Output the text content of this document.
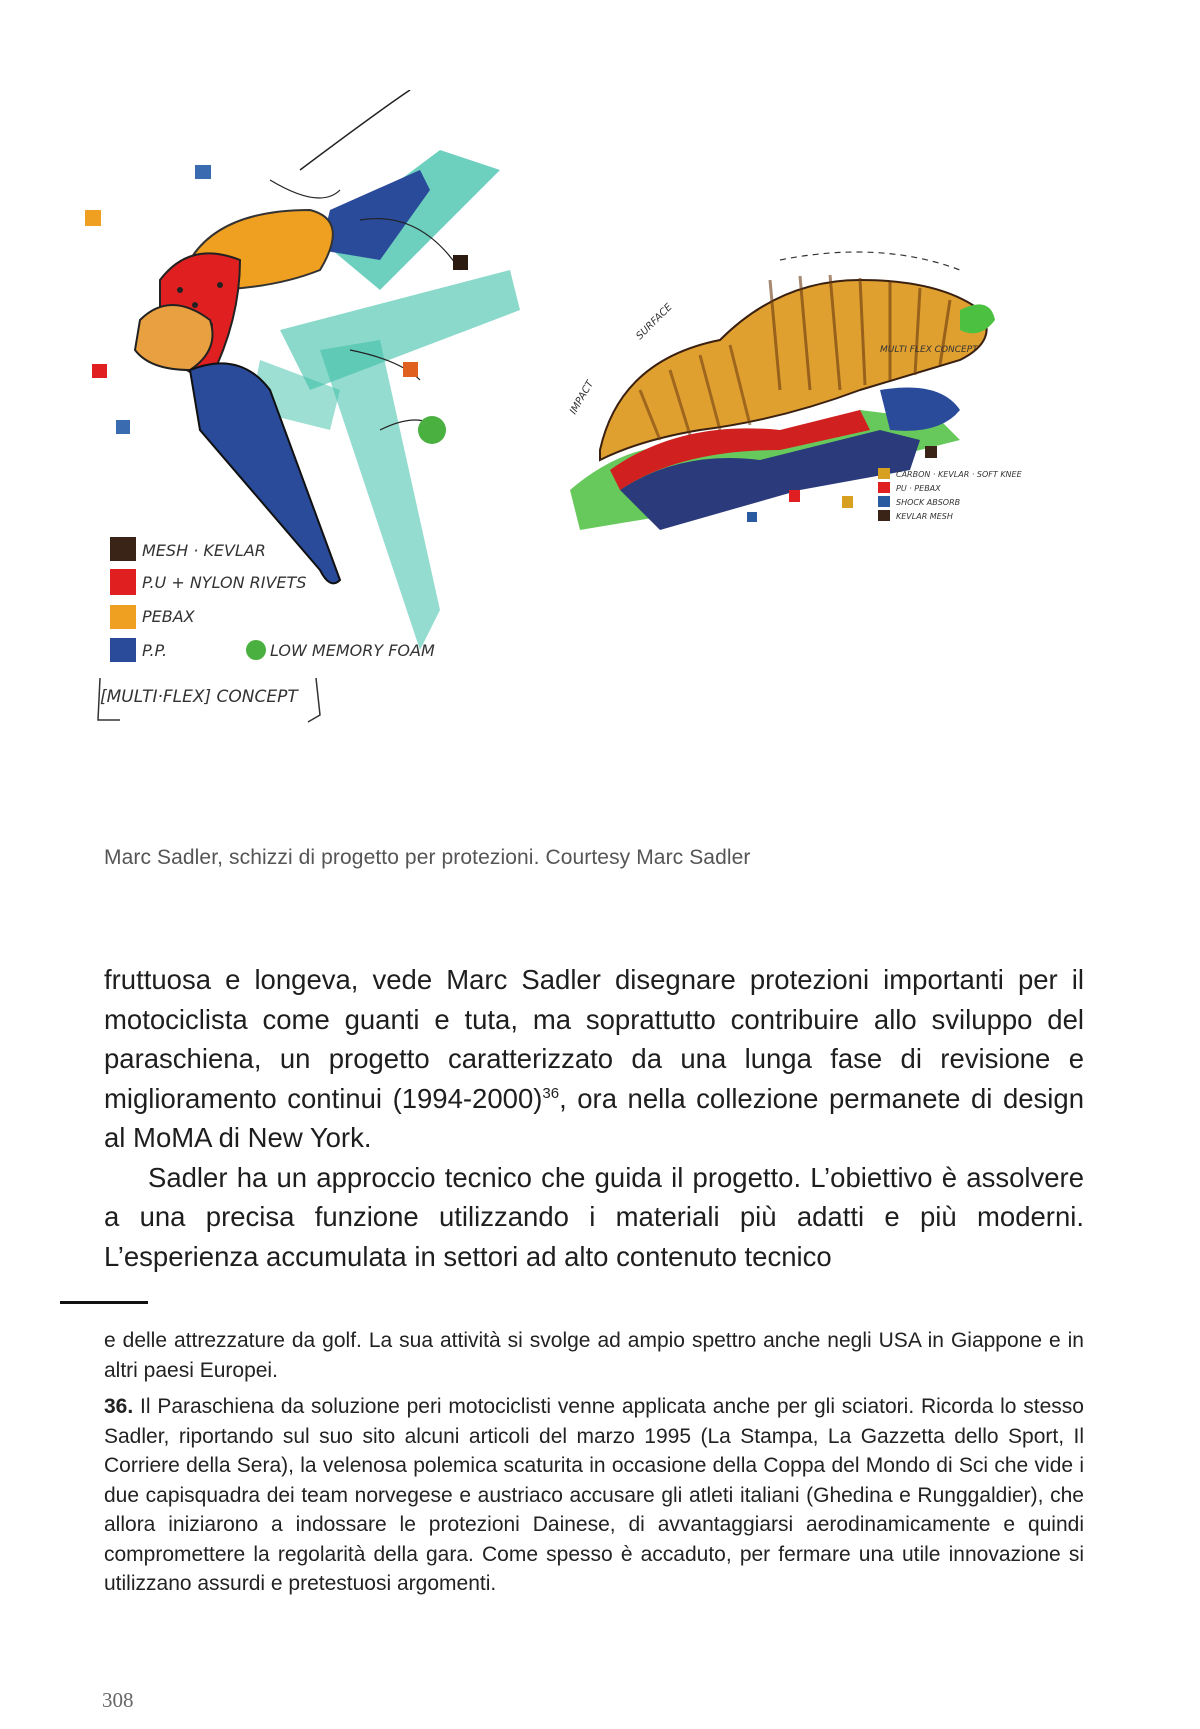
MESH · KEVLAR
P.U + NYLON RIVETS
PEBAX
P.P.	LOW MEMORY FOAM
[MULTI·FLEX] CONCEPT
IMPACT
SURFACE
MULTI FLEX CONCEPT
CARBON · KEVLAR · SOFT KNEE
PU · PEBAX
SHOCK ABSORB
KEVLAR MESH
Marc Sadler, schizzi di progetto per protezioni. Courtesy Marc Sadler

fruttuosa e longeva, vede Marc Sadler disegnare protezioni importanti per il motociclista come guanti e tuta, ma soprattutto contribuire allo sviluppo del paraschiena, un progetto caratterizzato da una lunga fase di revisione e miglioramento continui (1994-2000)$^{36}$, ora nella collezione permanete di design al MoMA di New York.

Sadler ha un approccio tecnico che guida il progetto. L’obiettivo è assolvere a una precisa funzione utilizzando i materiali più adatti e più moderni. L’esperienza accumulata in settori ad alto contenuto tecnico

e delle attrezzature da golf. La sua attività si svolge ad ampio spettro anche negli USA in Giappone e in altri paesi Europei.

36. Il Paraschiena da soluzione peri motociclisti venne applicata anche per gli sciatori. Ricorda lo stesso Sadler, riportando sul suo sito alcuni articoli del marzo 1995 (La Stampa, La Gazzetta dello Sport, Il Corriere della Sera), la velenosa polemica scaturita in occasione della Coppa del Mondo di Sci che vide i due capisquadra dei team norvegese e austriaco accusare gli atleti italiani (Ghedina e Runggaldier), che allora iniziarono a indossare le protezioni Dainese, di avvantaggiarsi aerodinamicamente e quindi compromettere la regolarità della gara. Come spesso è accaduto, per fermare una utile innovazione si utilizzano assurdi e pretestuosi argomenti.

308
